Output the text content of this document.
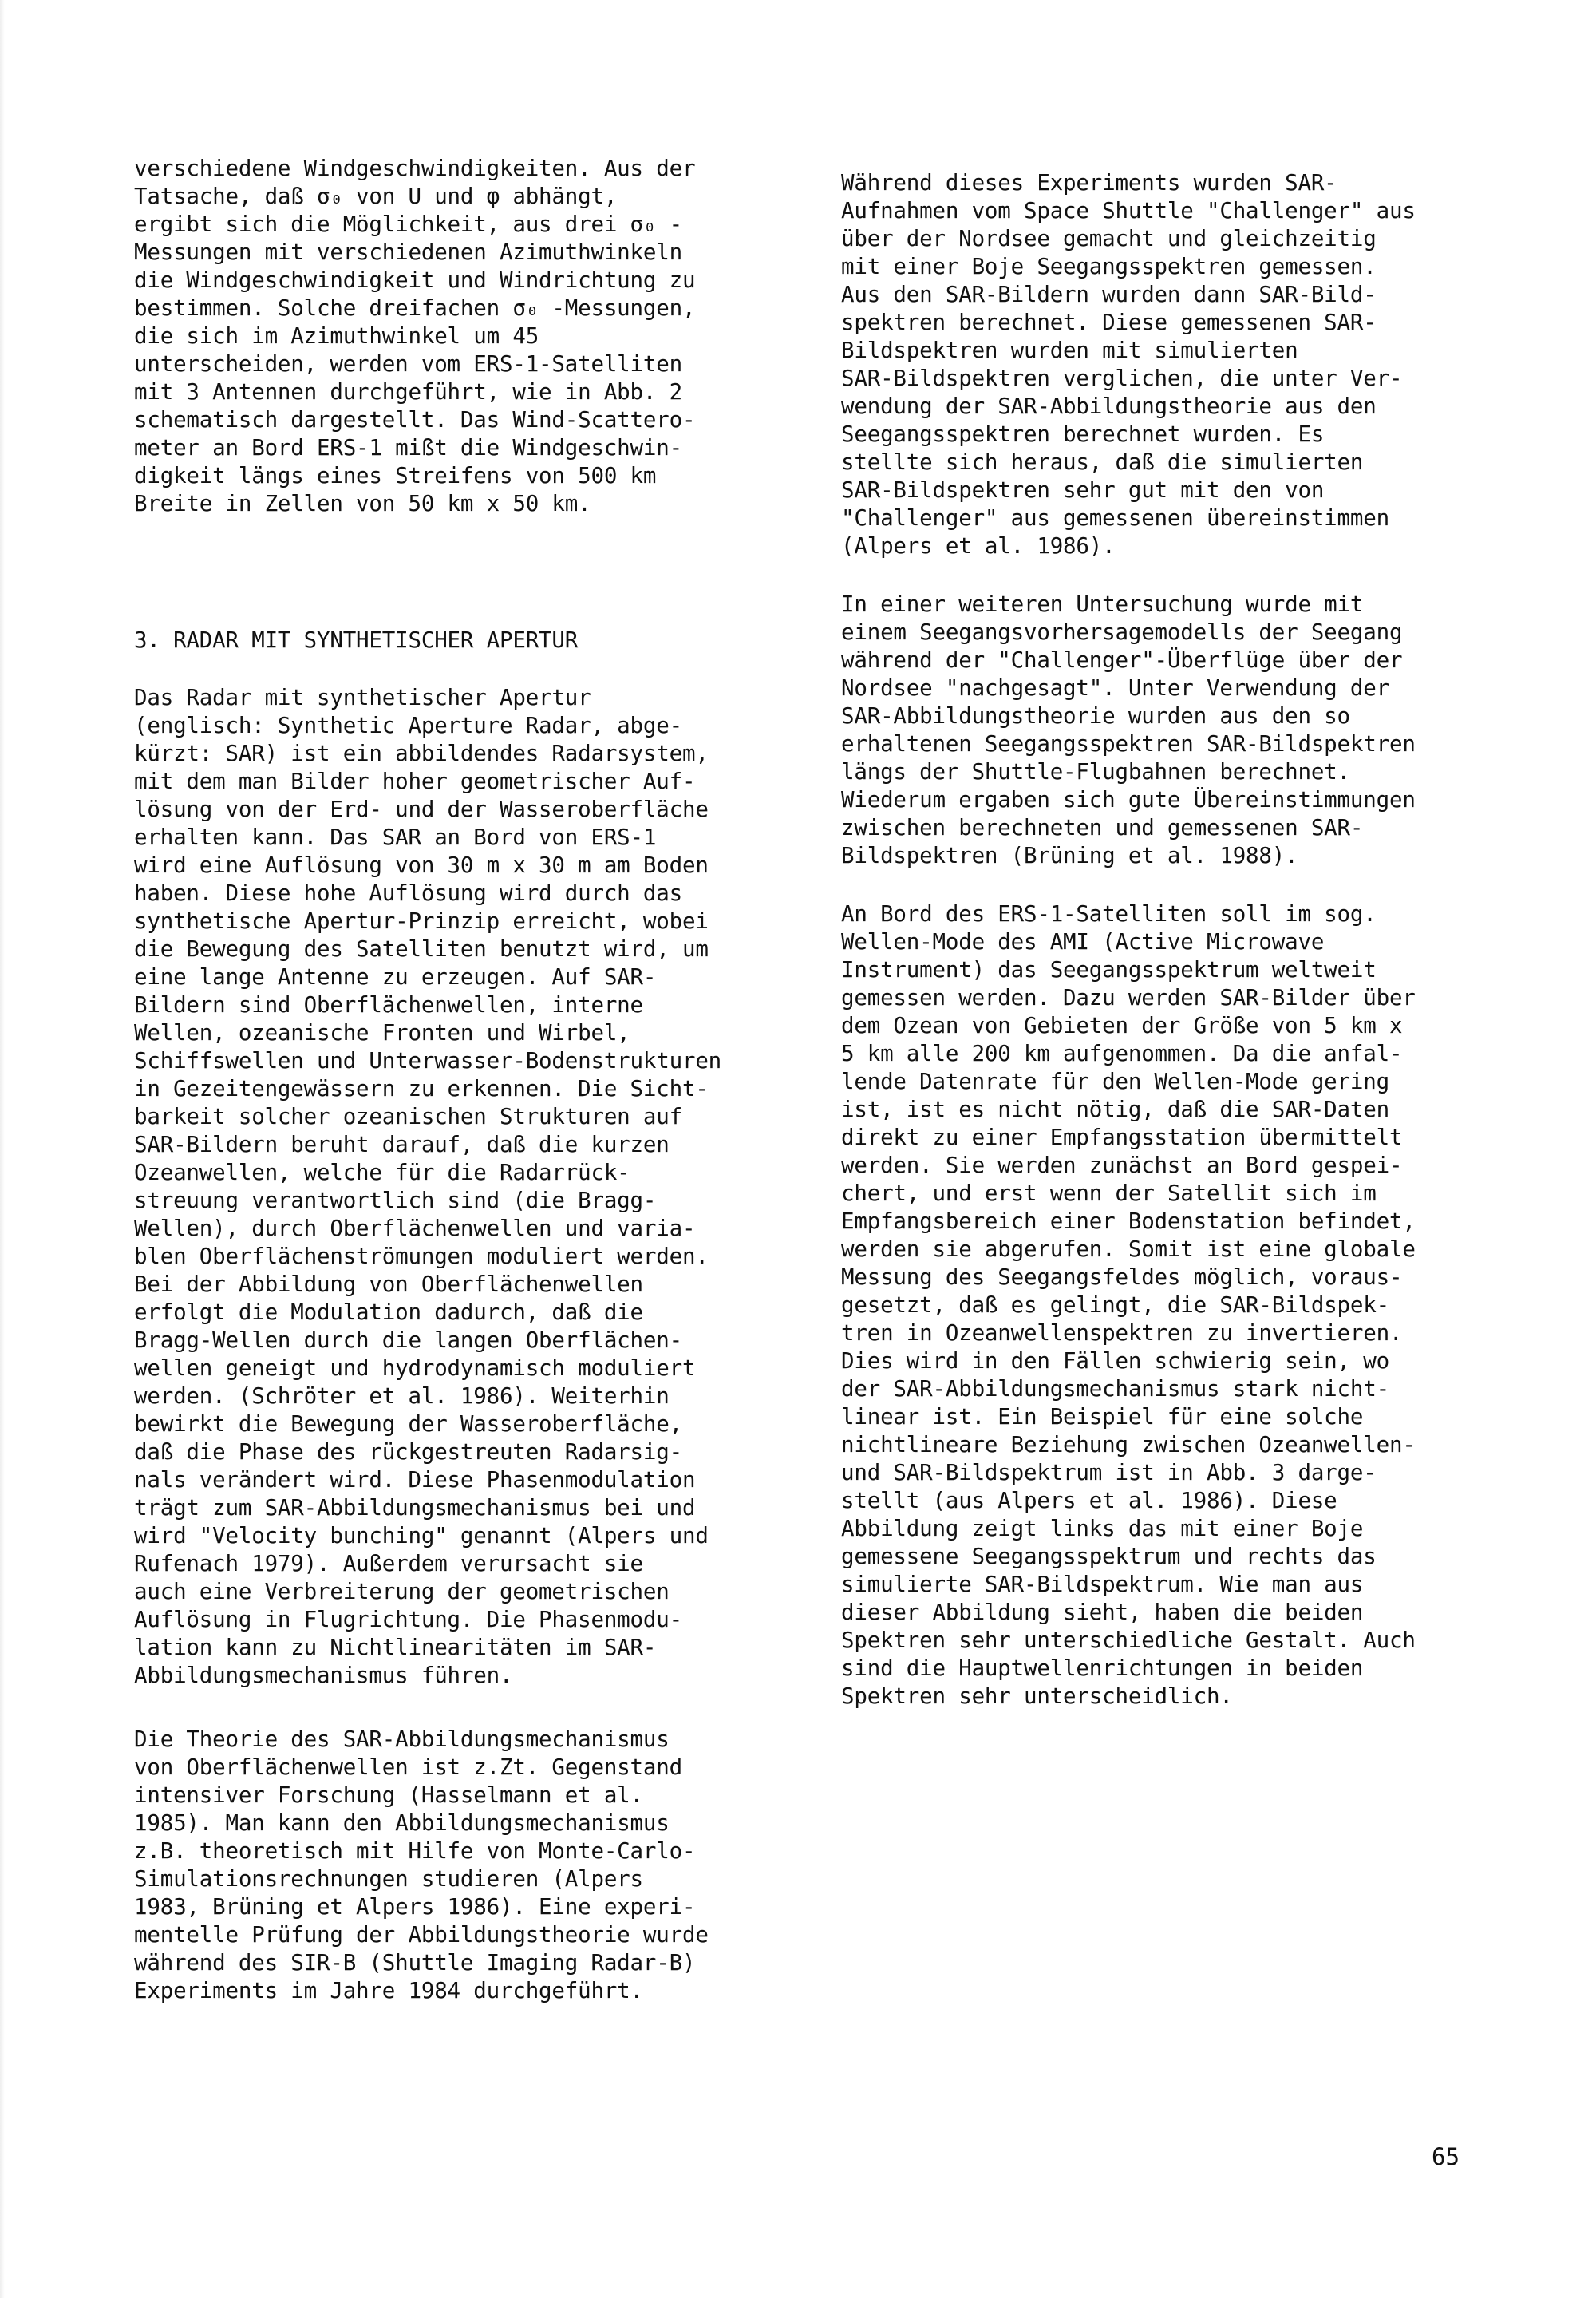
verschiedene Windgeschwindigkeiten. Aus der
Tatsache, daß σ₀ von U und φ abhängt,
ergibt sich die Möglichkeit, aus drei σ₀ -
Messungen mit verschiedenen Azimuthwinkeln
die Windgeschwindigkeit und Windrichtung zu
bestimmen. Solche dreifachen σ₀ -Messungen,
die sich im Azimuthwinkel um 45
unterscheiden, werden vom ERS-1-Satelliten
mit 3 Antennen durchgeführt, wie in Abb. 2
schematisch dargestellt. Das Wind-Scattero-
meter an Bord ERS-1 mißt die Windgeschwin-
digkeit längs eines Streifens von 500 km
Breite in Zellen von 50 km x 50 km.

3. RADAR MIT SYNTHETISCHER APERTUR

Das Radar mit synthetischer Apertur
(englisch: Synthetic Aperture Radar, abge-
kürzt: SAR) ist ein abbildendes Radarsystem,
mit dem man Bilder hoher geometrischer Auf-
lösung von der Erd- und der Wasseroberfläche
erhalten kann. Das SAR an Bord von ERS-1
wird eine Auflösung von 30 m x 30 m am Boden
haben. Diese hohe Auflösung wird durch das
synthetische Apertur-Prinzip erreicht, wobei
die Bewegung des Satelliten benutzt wird, um
eine lange Antenne zu erzeugen. Auf SAR-
Bildern sind Oberflächenwellen, interne
Wellen, ozeanische Fronten und Wirbel,
Schiffswellen und Unterwasser-Bodenstrukturen
in Gezeitengewässern zu erkennen. Die Sicht-
barkeit solcher ozeanischen Strukturen auf
SAR-Bildern beruht darauf, daß die kurzen
Ozeanwellen, welche für die Radarrück-
streuung verantwortlich sind (die Bragg-
Wellen), durch Oberflächenwellen und varia-
blen Oberflächenströmungen moduliert werden.
Bei der Abbildung von Oberflächenwellen
erfolgt die Modulation dadurch, daß die
Bragg-Wellen durch die langen Oberflächen-
wellen geneigt und hydrodynamisch moduliert
werden. (Schröter et al. 1986). Weiterhin
bewirkt die Bewegung der Wasseroberfläche,
daß die Phase des rückgestreuten Radarsig-
nals verändert wird. Diese Phasenmodulation
trägt zum SAR-Abbildungsmechanismus bei und
wird "Velocity bunching" genannt (Alpers und
Rufenach 1979). Außerdem verursacht sie
auch eine Verbreiterung der geometrischen
Auflösung in Flugrichtung. Die Phasenmodu-
lation kann zu Nichtlinearitäten im SAR-
Abbildungsmechanismus führen.

Die Theorie des SAR-Abbildungsmechanismus
von Oberflächenwellen ist z.Zt. Gegenstand
intensiver Forschung (Hasselmann et al.
1985). Man kann den Abbildungsmechanismus
z.B. theoretisch mit Hilfe von Monte-Carlo-
Simulationsrechnungen studieren (Alpers
1983, Brüning et Alpers 1986). Eine experi-
mentelle Prüfung der Abbildungstheorie wurde
während des SIR-B (Shuttle Imaging Radar-B)
Experiments im Jahre 1984 durchgeführt.

Während dieses Experiments wurden SAR-
Aufnahmen vom Space Shuttle "Challenger" aus
über der Nordsee gemacht und gleichzeitig
mit einer Boje Seegangsspektren gemessen.
Aus den SAR-Bildern wurden dann SAR-Bild-
spektren berechnet. Diese gemessenen SAR-
Bildspektren wurden mit simulierten
SAR-Bildspektren verglichen, die unter Ver-
wendung der SAR-Abbildungstheorie aus den
Seegangsspektren berechnet wurden. Es
stellte sich heraus, daß die simulierten
SAR-Bildspektren sehr gut mit den von
"Challenger" aus gemessenen übereinstimmen
(Alpers et al. 1986).

In einer weiteren Untersuchung wurde mit
einem Seegangsvorhersagemodells der Seegang
während der "Challenger"-Überflüge über der
Nordsee "nachgesagt". Unter Verwendung der
SAR-Abbildungstheorie wurden aus den so
erhaltenen Seegangsspektren SAR-Bildspektren
längs der Shuttle-Flugbahnen berechnet.
Wiederum ergaben sich gute Übereinstimmungen
zwischen berechneten und gemessenen SAR-
Bildspektren (Brüning et al. 1988).

An Bord des ERS-1-Satelliten soll im sog.
Wellen-Mode des AMI (Active Microwave
Instrument) das Seegangsspektrum weltweit
gemessen werden. Dazu werden SAR-Bilder über
dem Ozean von Gebieten der Größe von 5 km x
5 km alle 200 km aufgenommen. Da die anfal-
lende Datenrate für den Wellen-Mode gering
ist, ist es nicht nötig, daß die SAR-Daten
direkt zu einer Empfangsstation übermittelt
werden. Sie werden zunächst an Bord gespei-
chert, und erst wenn der Satellit sich im
Empfangsbereich einer Bodenstation befindet,
werden sie abgerufen. Somit ist eine globale
Messung des Seegangsfeldes möglich, voraus-
gesetzt, daß es gelingt, die SAR-Bildspek-
tren in Ozeanwellenspektren zu invertieren.
Dies wird in den Fällen schwierig sein, wo
der SAR-Abbildungsmechanismus stark nicht-
linear ist. Ein Beispiel für eine solche
nichtlineare Beziehung zwischen Ozeanwellen-
und SAR-Bildspektrum ist in Abb. 3 darge-
stellt (aus Alpers et al. 1986). Diese
Abbildung zeigt links das mit einer Boje
gemessene Seegangsspektrum und rechts das
simulierte SAR-Bildspektrum. Wie man aus
dieser Abbildung sieht, haben die beiden
Spektren sehr unterschiedliche Gestalt. Auch
sind die Hauptwellenrichtungen in beiden
Spektren sehr unterscheidlich.

65
